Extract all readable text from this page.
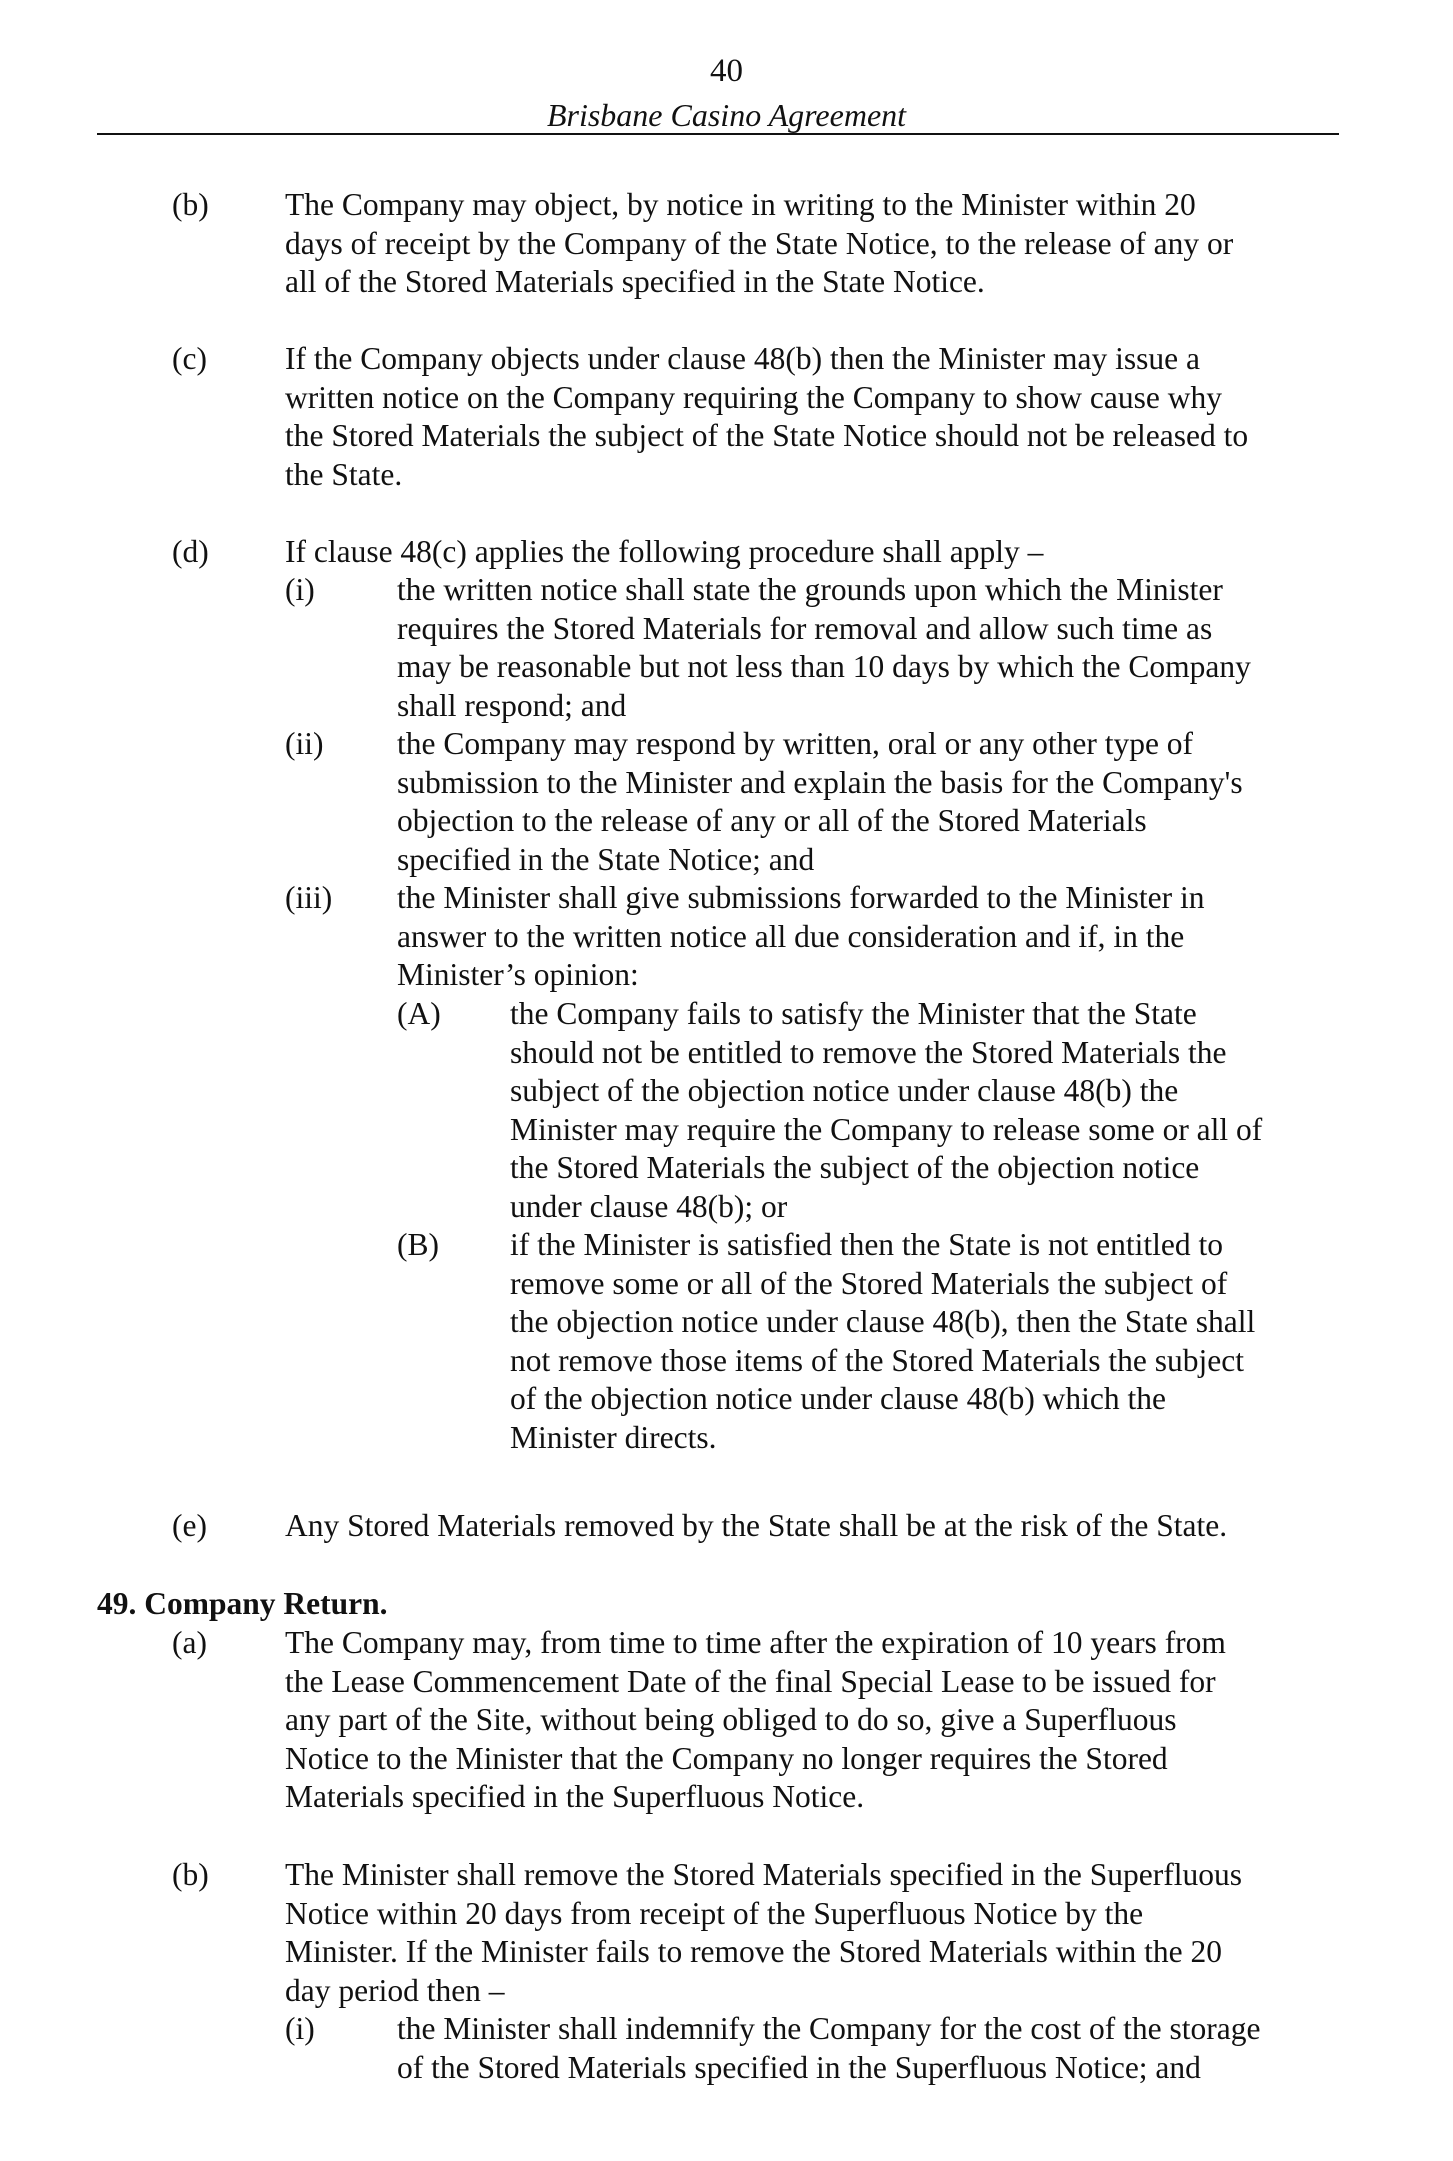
40
Brisbane Casino Agreement
(b) The Company may object, by notice in writing to the Minister within 20
days of receipt by the Company of the State Notice, to the release of any or
all of the Stored Materials specified in the State Notice.
(c) If the Company objects under clause 48(b) then the Minister may issue a
written notice on the Company requiring the Company to show cause why
the Stored Materials the subject of the State Notice should not be released to
the State.
(d) If clause 48(c) applies the following procedure shall apply –
(i)	the written notice shall state the grounds upon which the Minister
requires the Stored Materials for removal and allow such time as
may be reasonable but not less than 10 days by which the Company
shall respond; and
(ii) the Company may respond by written, oral or any other type of
submission to the Minister and explain the basis for the Company's
objection to the release of any or all of the Stored Materials
specified in the State Notice; and
(iii) the Minister shall give submissions forwarded to the Minister in
answer to the written notice all due consideration and if, in the
Minister’s opinion:
(A) the Company fails to satisfy the Minister that the State
should not be entitled to remove the Stored Materials the
subject of the objection notice under clause 48(b) the
Minister may require the Company to release some or all of
the Stored Materials the subject of the objection notice
under clause 48(b); or
(B) if the Minister is satisfied then the State is not entitled to
remove some or all of the Stored Materials the subject of
the objection notice under clause 48(b), then the State shall
not remove those items of the Stored Materials the subject
of the objection notice under clause 48(b) which the
Minister directs.
(e) Any Stored Materials removed by the State shall be at the risk of the State.
49. Company Return.
(a) The Company may, from time to time after the expiration of 10 years from
the Lease Commencement Date of the final Special Lease to be issued for
any part of the Site, without being obliged to do so, give a Superfluous
Notice to the Minister that the Company no longer requires the Stored
Materials specified in the Superfluous Notice.
(b) The Minister shall remove the Stored Materials specified in the Superfluous
Notice within 20 days from receipt of the Superfluous Notice by the
Minister. If the Minister fails to remove the Stored Materials within the 20
day period then –
(i)	the Minister shall indemnify the Company for the cost of the storage
of the Stored Materials specified in the Superfluous Notice; and
